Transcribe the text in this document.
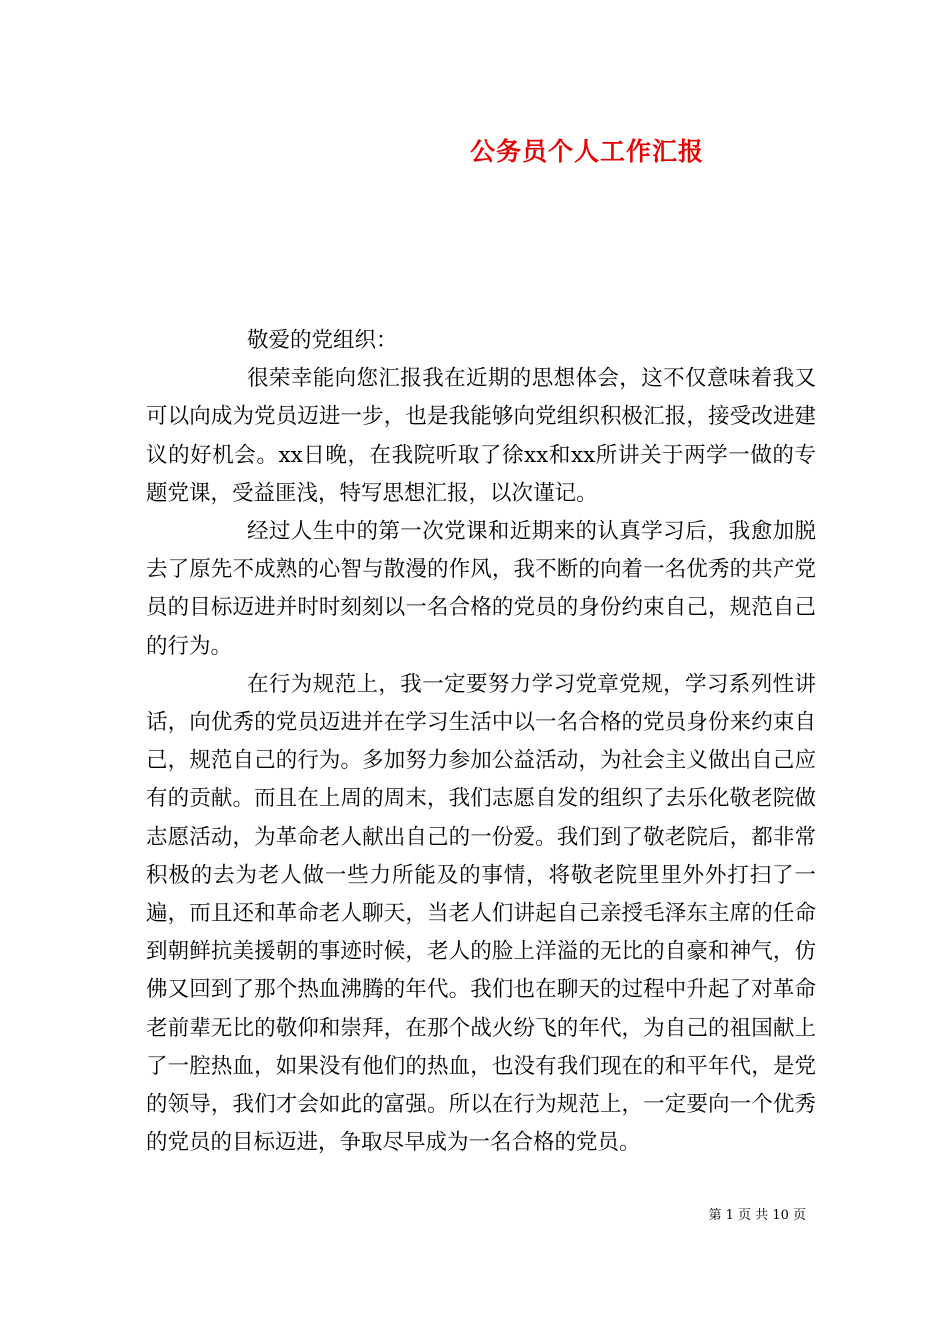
公务员个人工作汇报

敬爱的党组织：

很荣幸能向您汇报我在近期的思想体会，这不仅意味着我又可以向成为党员迈进一步，也是我能够向党组织积极汇报，接受改进建议的好机会。xx日晚，在我院听取了徐xx和xx所讲关于两学一做的专题党课，受益匪浅，特写思想汇报，以次谨记。

经过人生中的第一次党课和近期来的认真学习后，我愈加脱去了原先不成熟的心智与散漫的作风，我不断的向着一名优秀的共产党员的目标迈进并时时刻刻以一名合格的党员的身份约束自己，规范自己的行为。

在行为规范上，我一定要努力学习党章党规，学习系列性讲话，向优秀的党员迈进并在学习生活中以一名合格的党员身份来约束自己，规范自己的行为。多加努力参加公益活动，为社会主义做出自己应有的贡献。而且在上周的周末，我们志愿自发的组织了去乐化敬老院做志愿活动，为革命老人献出自己的一份爱。我们到了敬老院后，都非常积极的去为老人做一些力所能及的事情，将敬老院里里外外打扫了一遍，而且还和革命老人聊天，当老人们讲起自己亲授毛泽东主席的任命到朝鲜抗美援朝的事迹时候，老人的脸上洋溢的无比的自豪和神气，仿佛又回到了那个热血沸腾的年代。我们也在聊天的过程中升起了对革命老前辈无比的敬仰和崇拜，在那个战火纷飞的年代，为自己的祖国献上了一腔热血，如果没有他们的热血，也没有我们现在的和平年代，是党的领导，我们才会如此的富强。所以在行为规范上，一定要向一个优秀的党员的目标迈进，争取尽早成为一名合格的党员。

第 1 页 共 10 页
